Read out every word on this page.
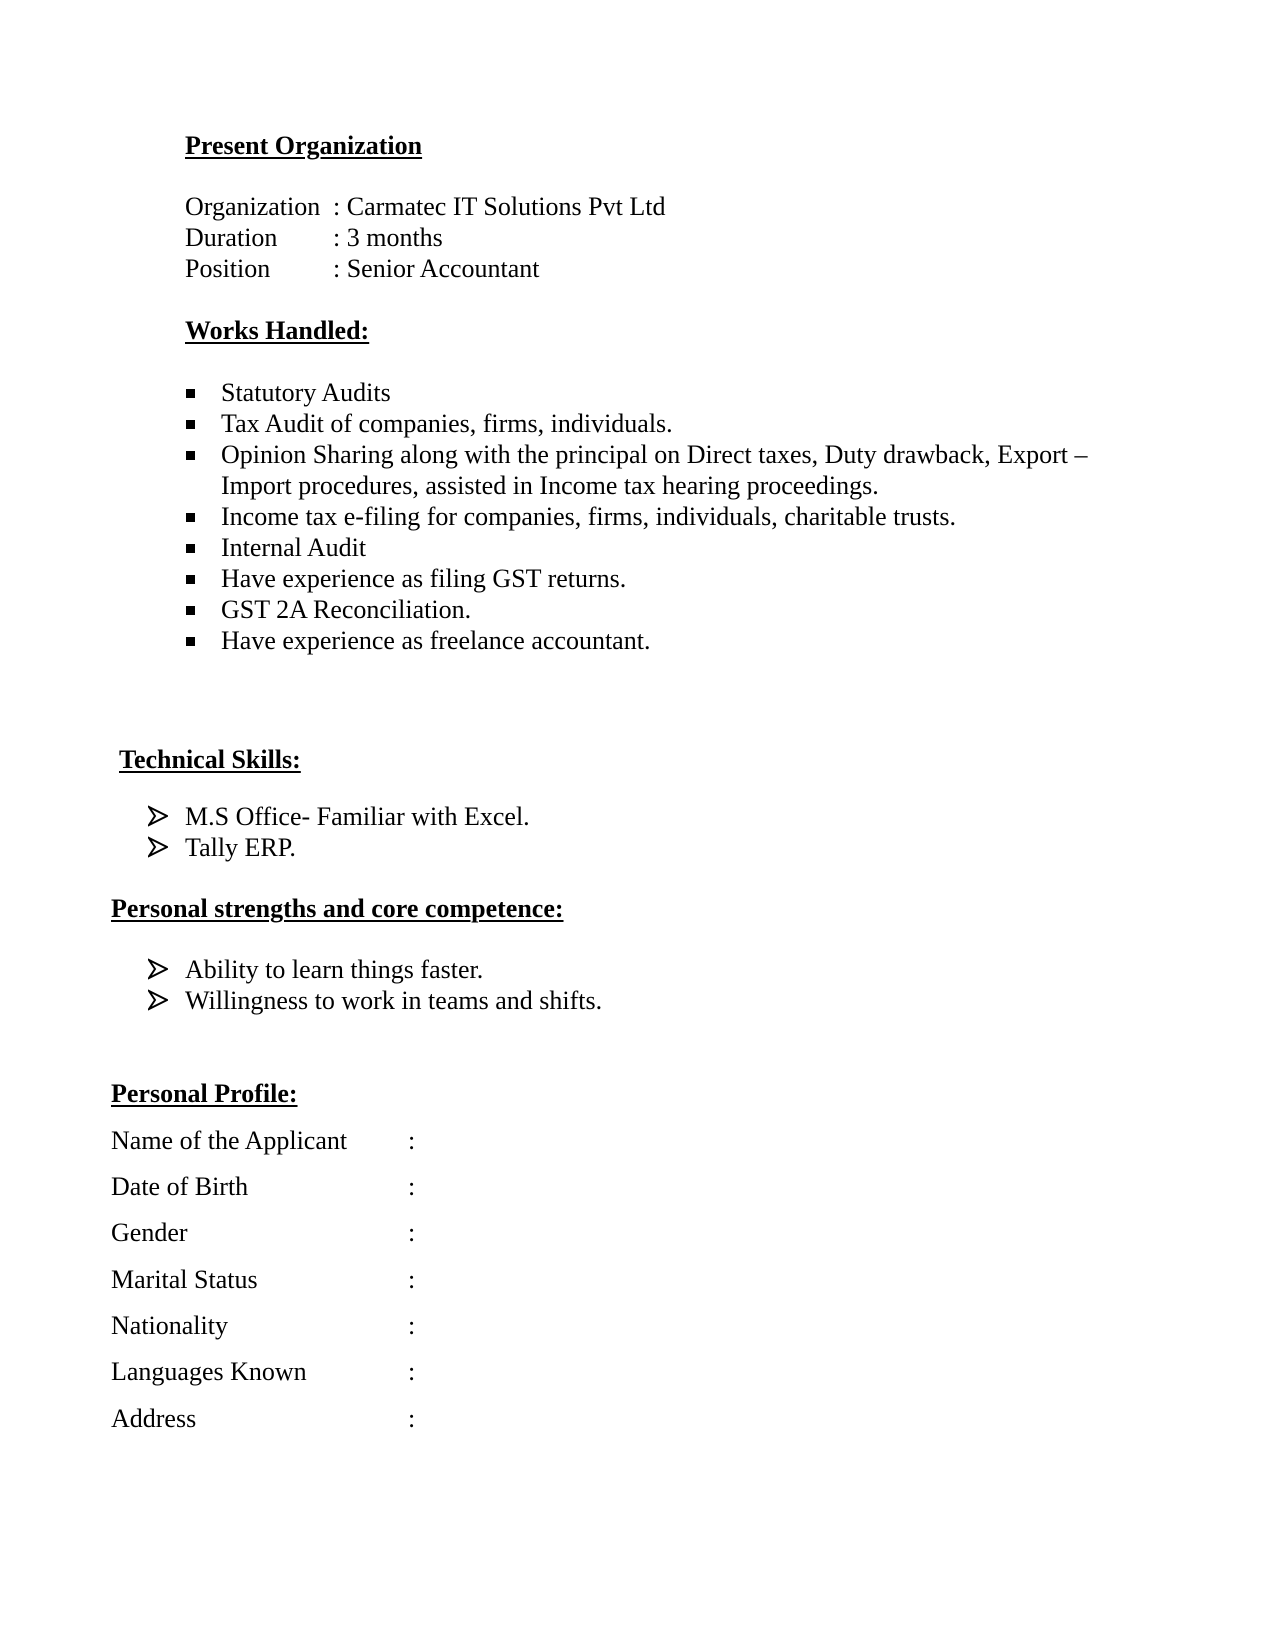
Present Organization
Organization : Carmatec IT Solutions Pvt Ltd
Duration : 3 months
Position : Senior Accountant
Works Handled:
Statutory Audits
Tax Audit of companies, firms, individuals.
Opinion Sharing along with the principal on Direct taxes, Duty drawback, Export –
Import procedures, assisted in Income tax hearing proceedings.
Income tax e-filing for companies, firms, individuals, charitable trusts.
Internal Audit
Have experience as filing GST returns.
GST 2A Reconciliation.
Have experience as freelance accountant.
Technical Skills:
M.S Office- Familiar with Excel.
Tally ERP.
Personal strengths and core competence:
Ability to learn things faster.
Willingness to work in teams and shifts.
Personal Profile:
Name of the Applicant :
Date of Birth	:
Gender	:
Marital Status	:
Nationality	:
Languages Known	:
Address	:
